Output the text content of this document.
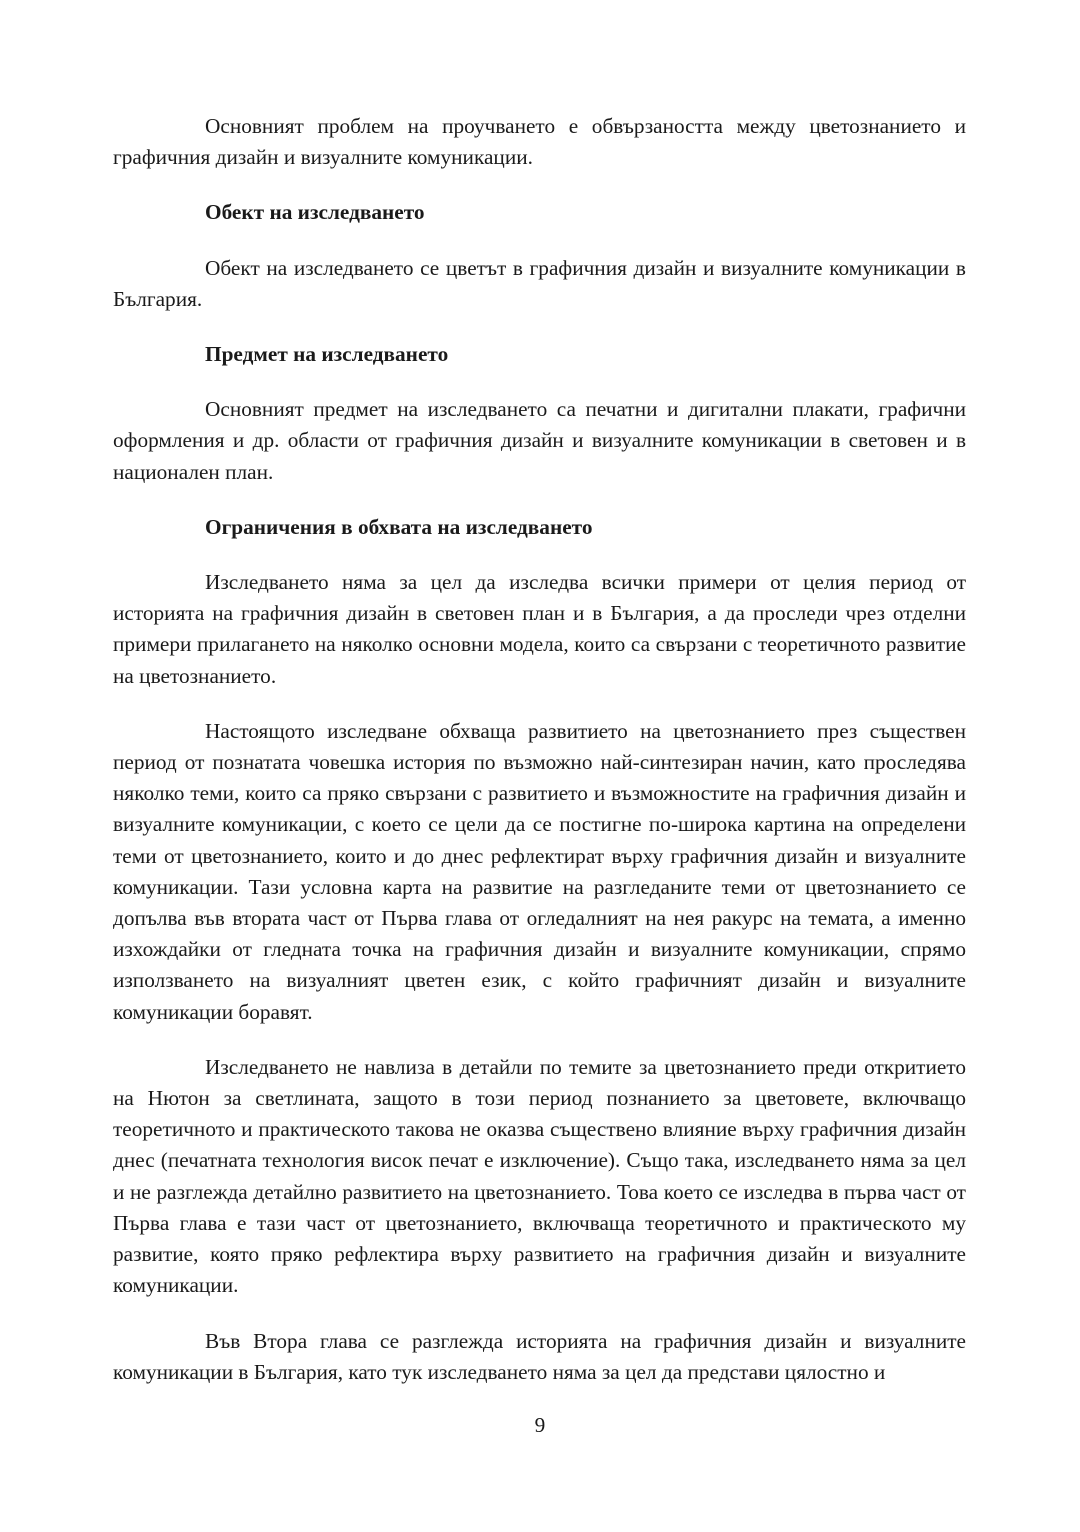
Основният проблем на проучването е обвързаността между цветознанието и графичния дизайн и визуалните комуникации.

Обект на изследването

Обект на изследването се цветът в графичния дизайн и визуалните комуникации в България.

Предмет на изследването

Основният предмет на изследването са печатни и дигитални плакати, графични оформления и др. области от графичния дизайн и визуалните комуникации в световен и в национален план.

Ограничения в обхвата на изследването

Изследването няма за цел да изследва всички примери от целия период от историята на графичния дизайн в световен план и в България, а да проследи чрез отделни примери прилагането на няколко основни модела, които са свързани с теоретичното развитие на цветознанието.

Настоящото изследване обхваща развитието на цветознанието през съществен период от познатата човешка история по възможно най-синтезиран начин, като проследява няколко теми, които са пряко свързани с развитието и възможностите на графичния дизайн и визуалните комуникации, с което се цели да се постигне по-широка картина на определени теми от цветознанието, които и до днес рефлектират върху графичния дизайн и визуалните комуникации. Тази условна карта на развитие на разгледаните теми от цветознанието се допълва във втората част от Първа глава от огледалният на нея ракурс на темата, а именно изхождайки от гледната точка на графичния дизайн и визуалните комуникации, спрямо използването на визуалният цветен език, с който графичният дизайн и визуалните комуникации боравят.

Изследването не навлиза в детайли по темите за цветознанието преди откритието на Нютон за светлината, защото в този период познанието за цветовете, включващо теоретичното и практическото такова не оказва съществено влияние върху графичния дизайн днес (печатната технология висок печат е изключение). Също така, изследването няма за цел и не разглежда детайлно развитието на цветознанието. Това което се изследва в първа част от Първа глава е тази част от цветознанието, включваща теоретичното и практическото му развитие, която пряко рефлектира върху развитието на графичния дизайн и визуалните комуникации.

Във Втора глава се разглежда историята на графичния дизайн и визуалните комуникации в България, като тук изследването няма за цел да представи цялостно и

9
